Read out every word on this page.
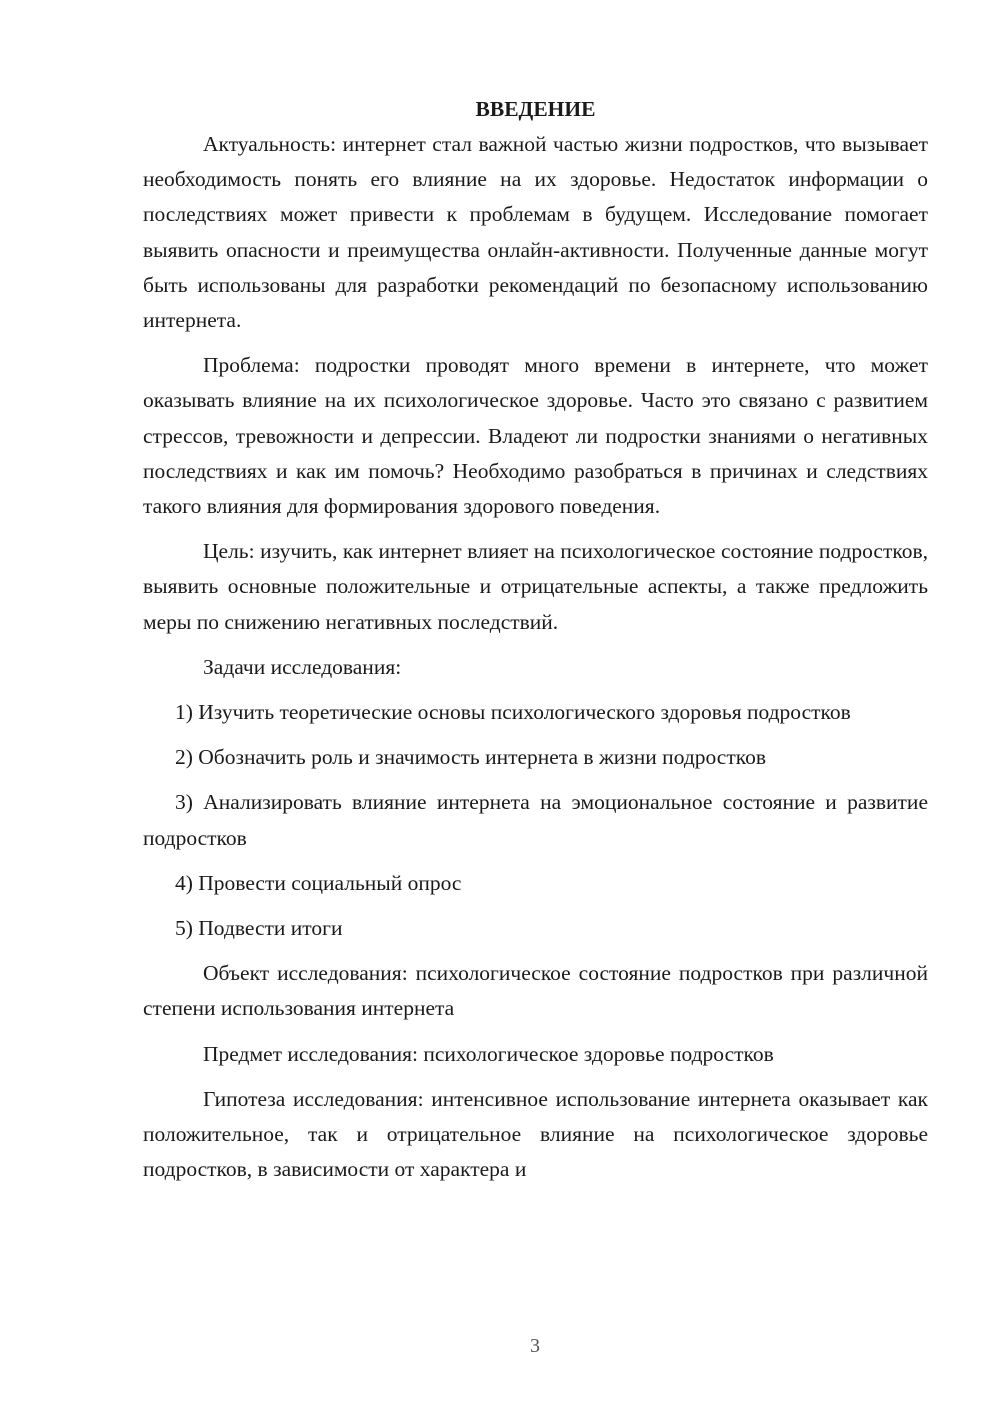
ВВЕДЕНИЕ

Актуальность: интернет стал важной частью жизни подростков, что вызывает необходимость понять его влияние на их здоровье. Недостаток информации о последствиях может привести к проблемам в будущем. Исследование помогает выявить опасности и преимущества онлайн-активности. Полученные данные могут быть использованы для разработки рекомендаций по безопасному использованию интернета.

Проблема: подростки проводят много времени в интернете, что может оказывать влияние на их психологическое здоровье. Часто это связано с развитием стрессов, тревожности и депрессии. Владеют ли подростки знаниями о негативных последствиях и как им помочь? Необходимо разобраться в причинах и следствиях такого влияния для формирования здорового поведения.

Цель: изучить, как интернет влияет на психологическое состояние подростков, выявить основные положительные и отрицательные аспекты, а также предложить меры по снижению негативных последствий.

Задачи исследования:

1) Изучить теоретические основы психологического здоровья подростков

2) Обозначить роль и значимость интернета в жизни подростков

3) Анализировать влияние интернета на эмоциональное состояние и развитие подростков

4) Провести социальный опрос

5) Подвести итоги

Объект исследования: психологическое состояние подростков при различной степени использования интернета

Предмет исследования: психологическое здоровье подростков

Гипотеза исследования: интенсивное использование интернета оказывает как положительное, так и отрицательное влияние на психологическое здоровье подростков, в зависимости от характера и

3
